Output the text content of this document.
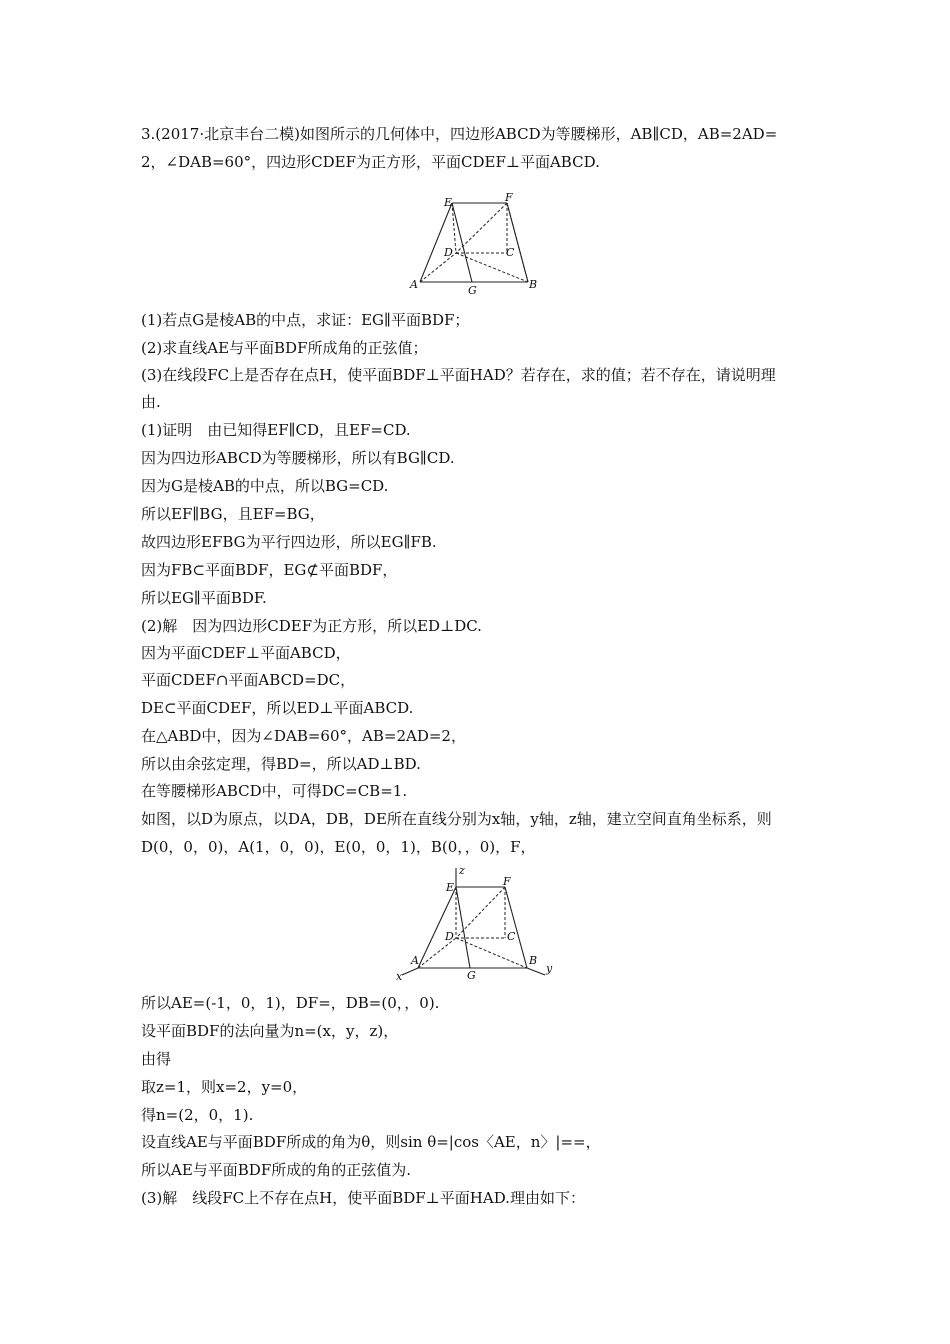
3.(2017·北京丰台二模)如图所示的几何体中，四边形ABCD为等腰梯形，AB∥CD，AB=2AD=
2，∠DAB=60°，四边形CDEF为正方形，平面CDEF⊥平面ABCD.
E	F
D	C
A	B
G
(1)若点G是棱AB的中点，求证：EG∥平面BDF；
(2)求直线AE与平面BDF所成角的正弦值；
(3)在线段FC上是否存在点H，使平面BDF⊥平面HAD？若存在，求的值；若不存在，请说明理
由.
(1)证明　由已知得EF∥CD，且EF=CD.
因为四边形ABCD为等腰梯形，所以有BG∥CD.
因为G是棱AB的中点，所以BG=CD.
所以EF∥BG，且EF=BG，
故四边形EFBG为平行四边形，所以EG∥FB.
因为FB⊂平面BDF，EG⊄平面BDF，
所以EG∥平面BDF.
(2)解　因为四边形CDEF为正方形，所以ED⊥DC.
因为平面CDEF⊥平面ABCD，
平面CDEF∩平面ABCD=DC，
DE⊂平面CDEF，所以ED⊥平面ABCD.
在△ABD中，因为∠DAB=60°，AB=2AD=2，
所以由余弦定理，得BD=，所以AD⊥BD.
在等腰梯形ABCD中，可得DC=CB=1.
如图，以D为原点，以DA，DB，DE所在直线分别为x轴，y轴，z轴，建立空间直角坐标系，则
D(0，0，0)，A(1，0，0)，E(0，0，1)，B(0，，0)，F，
z
E	F
D	C
A	B
G
x
y
所以AE=(-1，0，1)，DF=，DB=(0，，0).
设平面BDF的法向量为n=(x，y，z)，
由得
取z=1，则x=2，y=0，
得n=(2，0，1).
设直线AE与平面BDF所成的角为θ，则sin θ=|cos〈AE，n〉|==，
所以AE与平面BDF所成的角的正弦值为.
(3)解　线段FC上不存在点H，使平面BDF⊥平面HAD.理由如下：
